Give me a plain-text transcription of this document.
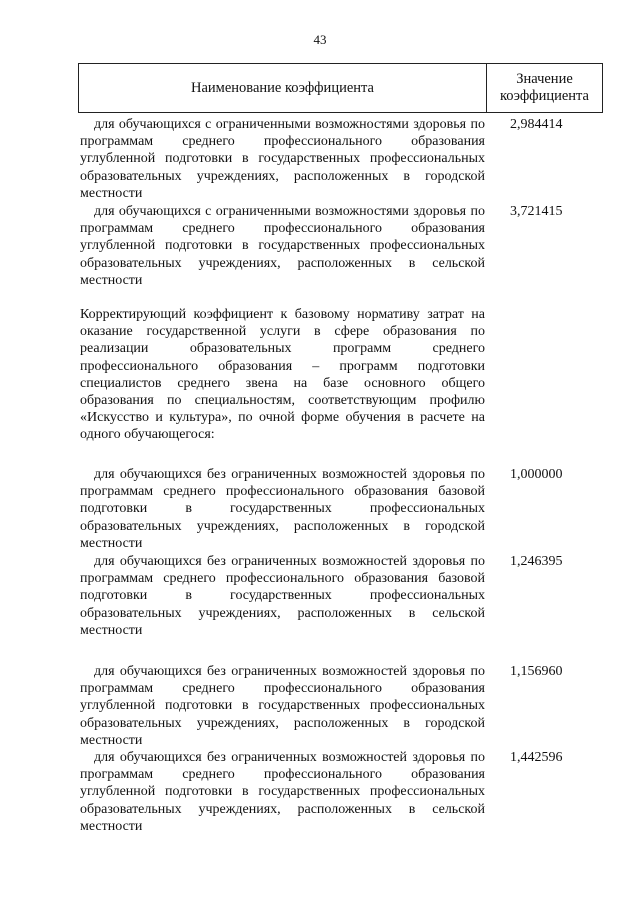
43
Наименование коэффициента
Значение
коэффициента
для обучающихся с ограниченными возможностями здоровья по программам среднего профессионального образования углубленной подготовки в государственных профессиональных образовательных учреждениях, расположенных в городской местности
2,984414
для обучающихся с ограниченными возможностями здоровья по программам среднего профессионального образования углубленной подготовки в государственных профессиональных образовательных учреждениях, расположенных в сельской местности
3,721415
Корректирующий коэффициент к базовому нормативу затрат на оказание государственной услуги в сфере образования по реализации образовательных программ среднего профессионального образования – программ подготовки специалистов среднего звена на базе основного общего образования по специальностям, соответствующим профилю «Искусство и культура», по очной форме обучения в расчете на одного обучающегося:
для обучающихся без ограниченных возможностей здоровья по программам среднего профессионального образования базовой подготовки в государственных профессиональных образовательных учреждениях, расположенных в городской местности
1,000000
для обучающихся без ограниченных возможностей здоровья по программам среднего профессионального образования базовой подготовки в государственных профессиональных образовательных учреждениях, расположенных в сельской местности
1,246395
для обучающихся без ограниченных возможностей здоровья по программам среднего профессионального образования углубленной подготовки в государственных профессиональных образовательных учреждениях, расположенных в городской местности
1,156960
для обучающихся без ограниченных возможностей здоровья по программам среднего профессионального образования углубленной подготовки в государственных профессиональных образовательных учреждениях, расположенных в сельской местности
1,442596
